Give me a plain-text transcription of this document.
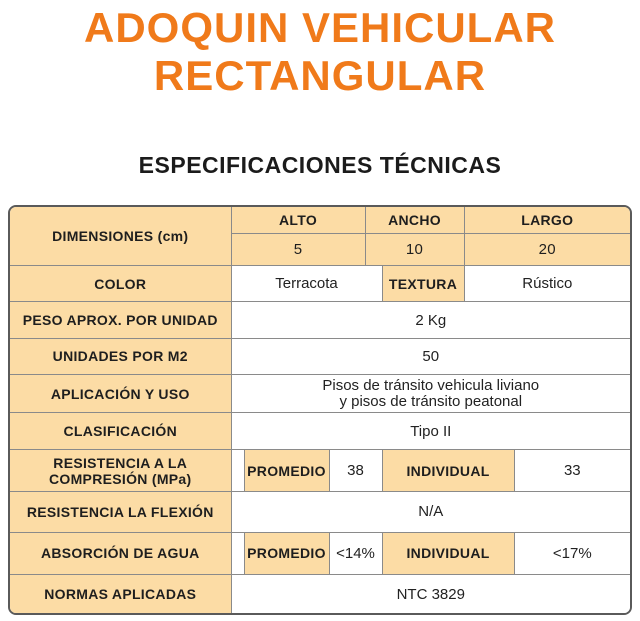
ADOQUIN VEHICULAR
RECTANGULAR
ESPECIFICACIONES TÉCNICAS
DIMENSIONES (cm)	ALTO			ANCHO		LARGO	
	5			10		20	
COLOR	Terracota				TEXTURA	Rústico	
PESO APROX. POR UNIDAD	2 Kg						
UNIDADES POR M2	50						
APLICACIÓN Y USO	Pisos de tránsito vehicula liviano
y pisos de tránsito peatonal						

CLASIFICACIÓN	Tipo II						

RESISTENCIA A LA
COMPRESIÓN (MPa)		PROMEDIO	38		INDIVIDUAL		33
RESISTENCIA LA FLEXIÓN	N/A						
ABSORCIÓN DE AGUA		PROMEDIO	<14%		INDIVIDUAL		<17%
NORMAS APLICADAS	NTC 3829						
